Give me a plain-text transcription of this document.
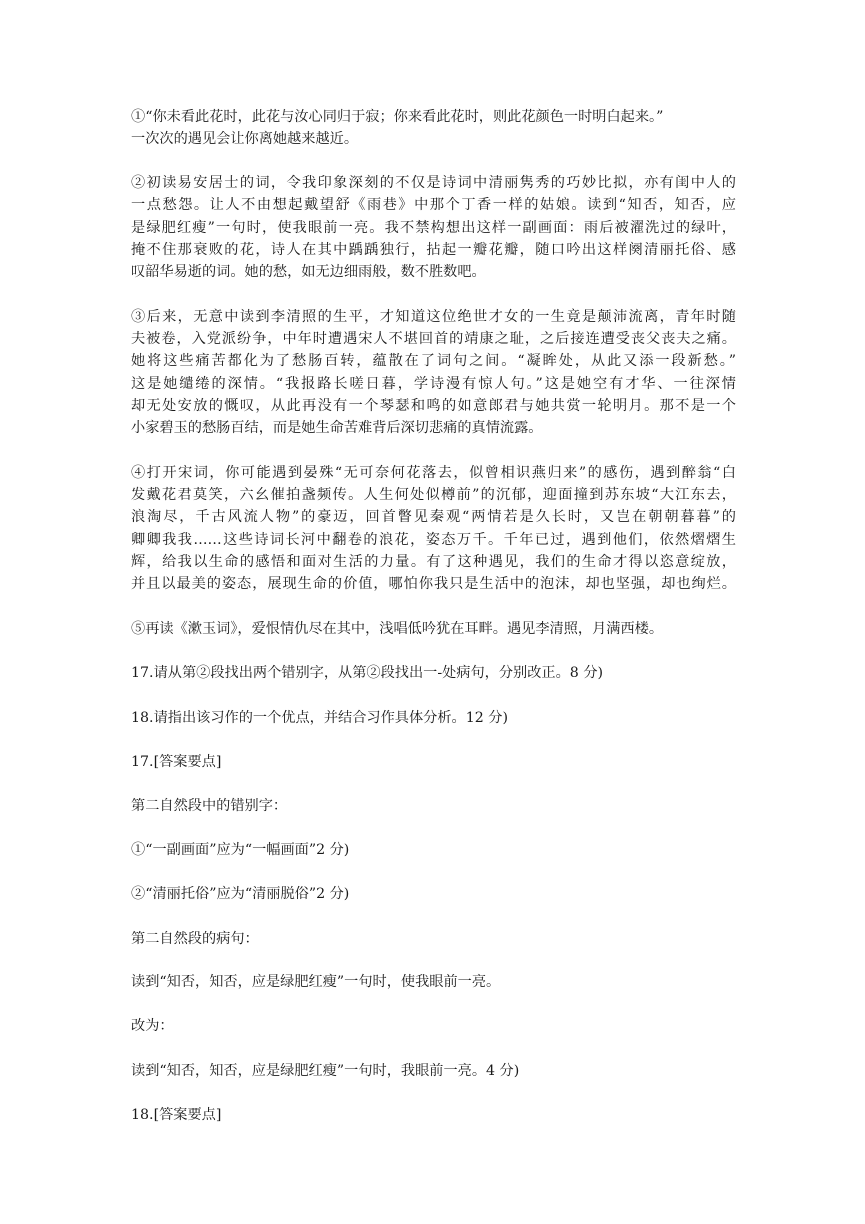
①“你未看此花时，此花与汝心同归于寂；你来看此花时，则此花颜色一时明白起来。”
一次次的遇见会让你离她越来越近。
②初读易安居士的词，令我印象深刻的不仅是诗词中清丽隽秀的巧妙比拟，亦有闺中人的
一点愁怨。让人不由想起戴望舒《雨巷》中那个丁香一样的姑娘。读到“知否，知否，应
是绿肥红瘦”一句时，使我眼前一亮。我不禁构想出这样一副画面：雨后被濯洗过的绿叶，
掩不住那衰败的花，诗人在其中踽踽独行，拈起一瓣花瓣，随口吟出这样阕清丽托俗、感
叹韶华易逝的词。她的愁，如无边细雨般，数不胜数吧。
③后来，无意中读到李清照的生平，才知道这位绝世才女的一生竟是颠沛流离，青年时随
夫被卷，入党派纷争，中年时遭遇宋人不堪回首的靖康之耻，之后接连遭受丧父丧夫之痛。
她将这些痛苦都化为了愁肠百转，蕴散在了词句之间。“凝眸处，从此又添一段新愁。”
这是她缱绻的深情。“我报路长嗟日暮，学诗漫有惊人句。”这是她空有才华、一往深情
却无处安放的慨叹，从此再没有一个琴瑟和鸣的如意郎君与她共赏一轮明月。那不是一个
小家碧玉的愁肠百结，而是她生命苦难背后深切悲痛的真情流露。
④打开宋词，你可能遇到晏殊“无可奈何花落去，似曾相识燕归来”的感伤，遇到醉翁“白
发戴花君莫笑，六幺催拍盏频传。人生何处似樽前”的沉郁，迎面撞到苏东坡“大江东去，
浪淘尽，千古风流人物”的豪迈，回首瞥见秦观“两情若是久长时，又岂在朝朝暮暮”的
卿卿我我……这些诗词长河中翻卷的浪花，姿态万千。千年已过，遇到他们，依然熠熠生
辉，给我以生命的感悟和面对生活的力量。有了这种遇见，我们的生命才得以恣意绽放，
并且以最美的姿态，展现生命的价值，哪怕你我只是生活中的泡沫，却也坚强，却也绚烂。
⑤再读《漱玉词》，爱恨情仇尽在其中，浅唱低吟犹在耳畔。遇见李清照，月满西楼。
17.请从第②段找出两个错别字，从第②段找出一-处病句，分别改正。8 分)
18.请指出该习作的一个优点，并结合习作具体分析。12 分)
17.[答案要点]
第二自然段中的错别字：
①“一副画面”应为“一幅画面”2 分)
②“清丽托俗”应为“清丽脱俗”2 分)
第二自然段的病句：
读到“知否，知否，应是绿肥红瘦”一句时，使我眼前一亮。
改为：
读到“知否，知否，应是绿肥红瘦”一句时，我眼前一亮。4 分)
18.[答案要点]
